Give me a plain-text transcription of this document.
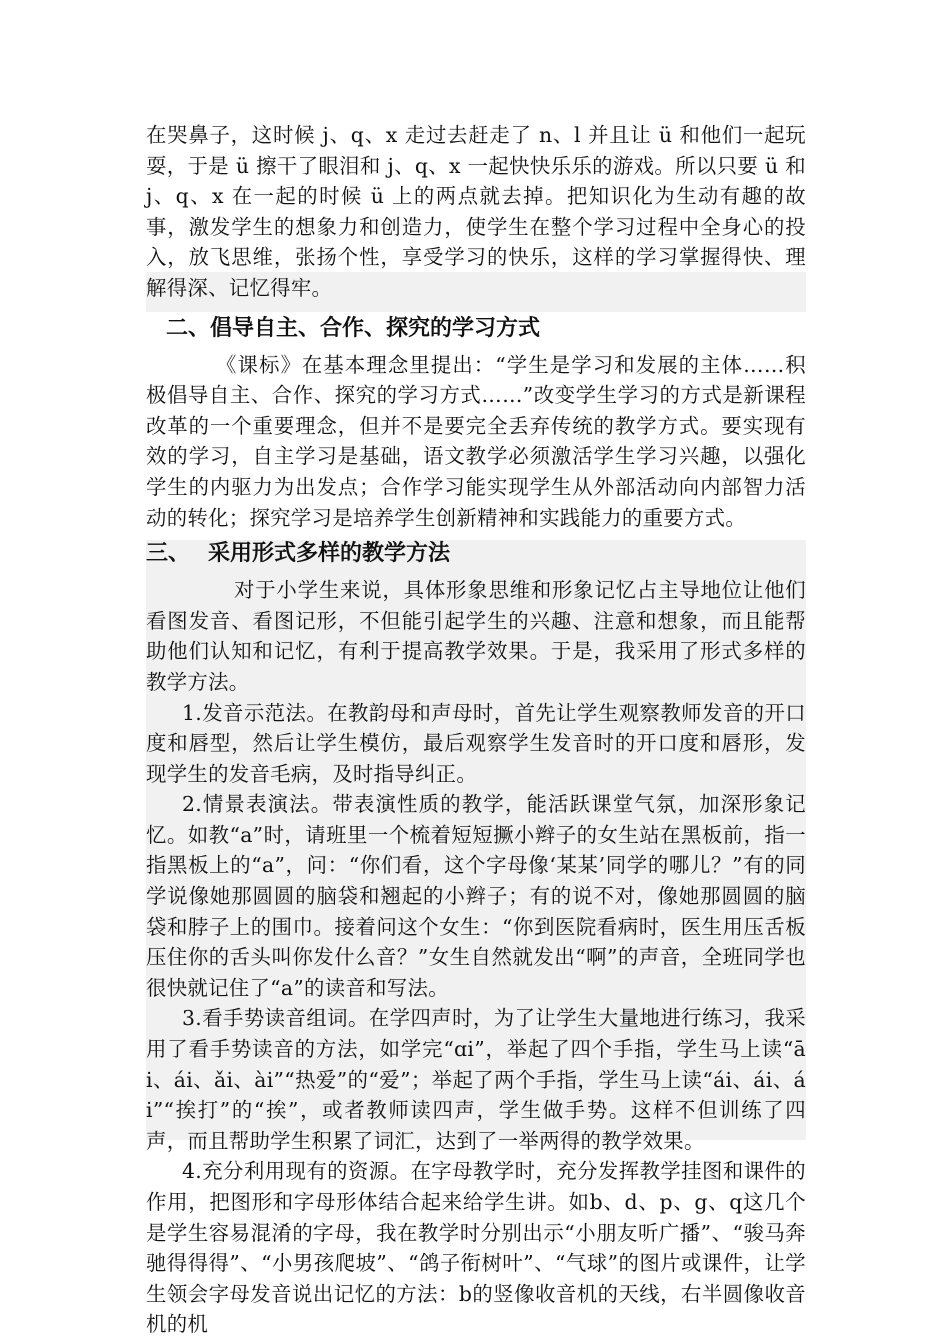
在哭鼻子，这时候 j、q、x 走过去赶走了 n、l 并且让 ü 和他们一起玩耍，于是 ü 擦干了眼泪和 j、q、x 一起快快乐乐的游戏。所以只要 ü 和 j、q、x 在一起的时候 ü 上的两点就去掉。把知识化为生动有趣的故事，激发学生的想象力和创造力，使学生在整个学习过程中全身心的投入，放飞思维，张扬个性，享受学习的快乐，这样的学习掌握得快、理解得深、记忆得牢。

二、倡导自主、合作、探究的学习方式

《课标》在基本理念里提出：“学生是学习和发展的主体……积极倡导自主、合作、探究的学习方式……”改变学生学习的方式是新课程改革的一个重要理念，但并不是要完全丢弃传统的教学方式。要实现有效的学习，自主学习是基础，语文教学必须激活学生学习兴趣，以强化学生的内驱力为出发点；合作学习能实现学生从外部活动向内部智力活动的转化；探究学习是培养学生创新精神和实践能力的重要方式。

三、 采用形式多样的教学方法

对于小学生来说，具体形象思维和形象记忆占主导地位让他们看图发音、看图记形，不但能引起学生的兴趣、注意和想象，而且能帮助他们认知和记忆，有利于提高教学效果。于是，我采用了形式多样的教学方法。

1.发音示范法。在教韵母和声母时，首先让学生观察教师发音的开口度和唇型，然后让学生模仿，最后观察学生发音时的开口度和唇形，发现学生的发音毛病，及时指导纠正。

2.情景表演法。带表演性质的教学，能活跃课堂气氛，加深形象记忆。如教“a”时，请班里一个梳着短短撅小辫子的女生站在黑板前，指一指黑板上的“a”，问：“你们看，这个字母像‘某某’同学的哪儿？”有的同学说像她那圆圆的脑袋和翘起的小辫子；有的说不对，像她那圆圆的脑袋和脖子上的围巾。接着问这个女生：“你到医院看病时，医生用压舌板压住你的舌头叫你发什么音？”女生自然就发出“啊”的声音，全班同学也很快就记住了“a”的读音和写法。

3.看手势读音组词。在学四声时，为了让学生大量地进行练习，我采用了看手势读音的方法，如学完“ɑi”，举起了四个手指，学生马上读“āi、ái、ǎi、ài”“热爱”的“爱”；举起了两个手指，学生马上读“ái、ái、ái”“挨打”的“挨”，或者教师读四声，学生做手势。这样不但训练了四声，而且帮助学生积累了词汇，达到了一举两得的教学效果。

4.充分利用现有的资源。在字母教学时，充分发挥教学挂图和课件的作用，把图形和字母形体结合起来给学生讲。如b、d、p、g、q这几个是学生容易混淆的字母，我在教学时分别出示“小朋友听广播”、“骏马奔驰得得得”、“小男孩爬坡”、“鸽子衔树叶”、“气球”的图片或课件，让学生领会字母发音说出记忆的方法：b的竖像收音机的天线，右半圆像收音机的机
